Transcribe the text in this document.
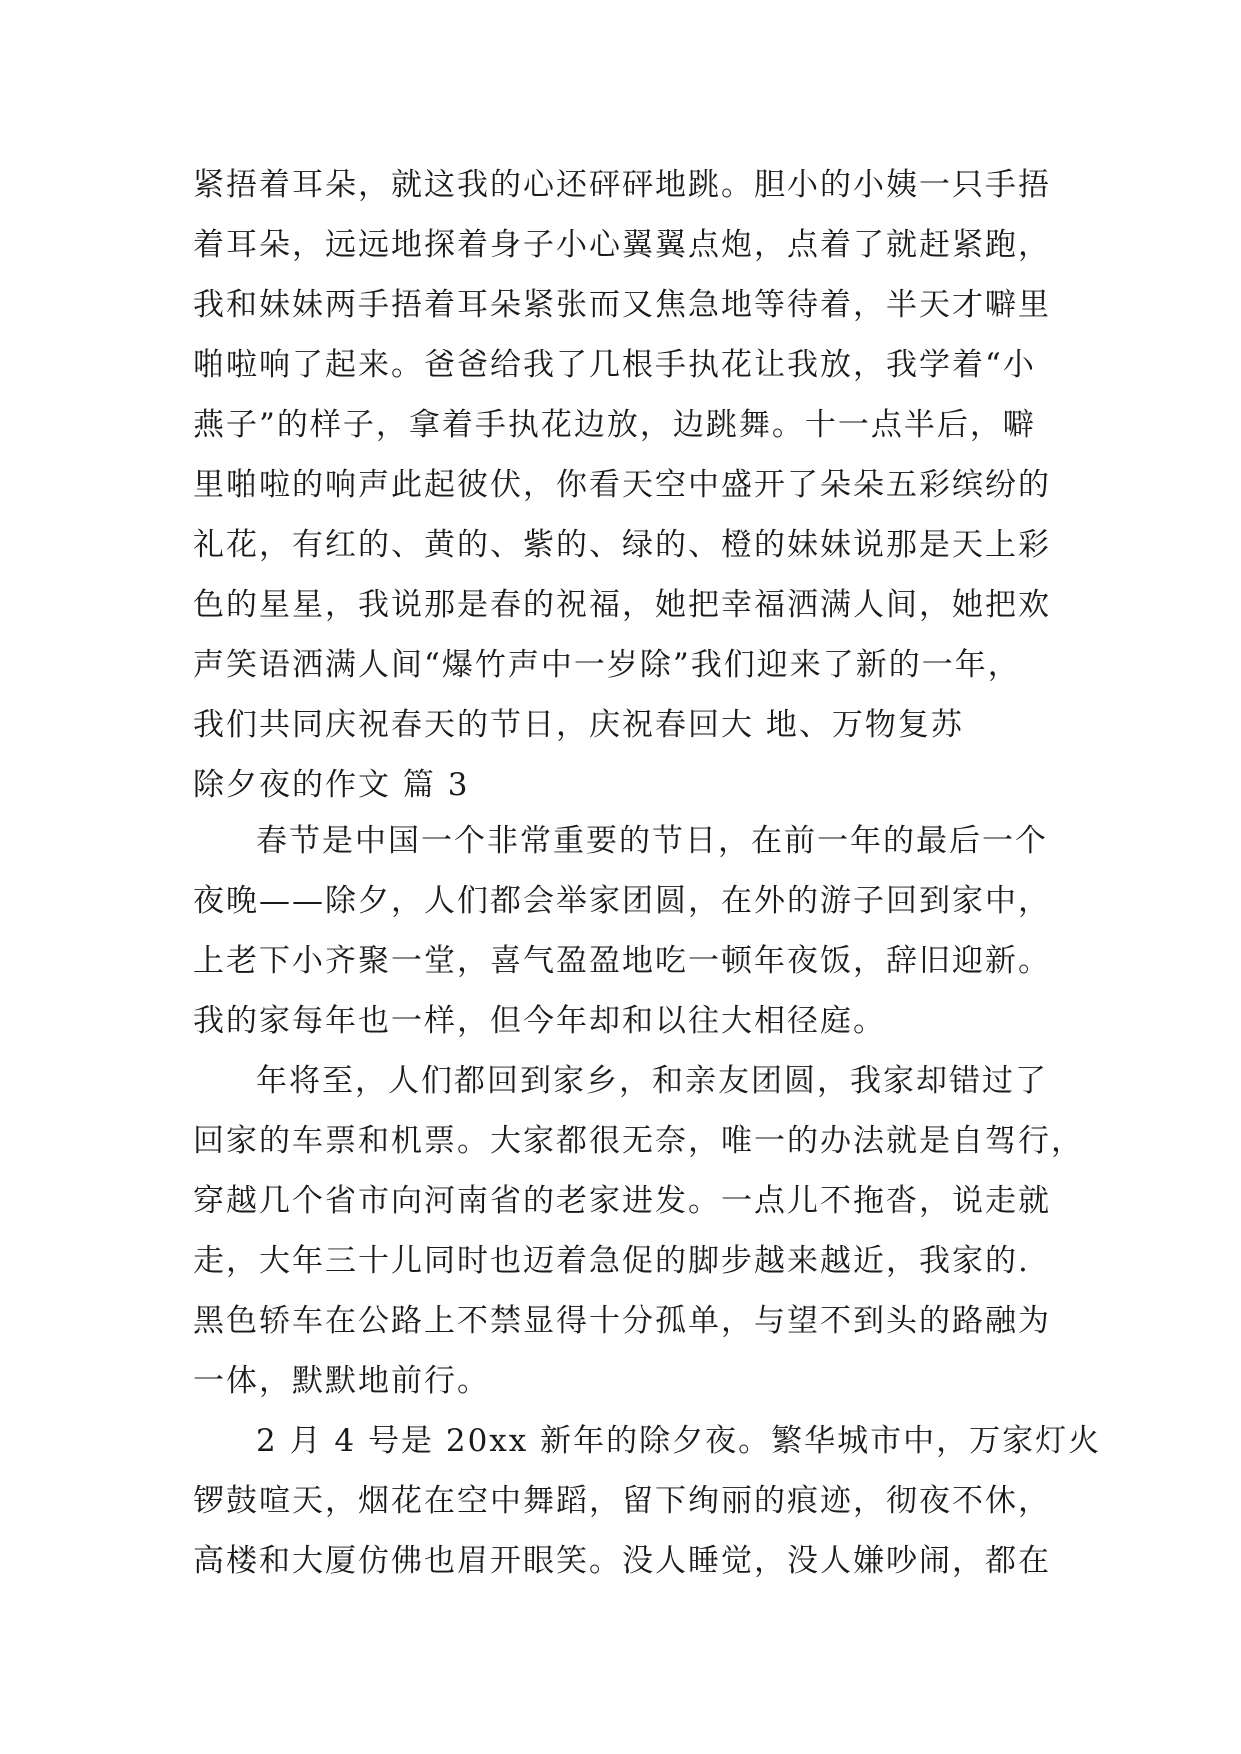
紧捂着耳朵，就这我的心还砰砰地跳。胆小的小姨一只手捂
着耳朵，远远地探着身子小心翼翼点炮，点着了就赶紧跑，
我和妹妹两手捂着耳朵紧张而又焦急地等待着，半天才噼里
啪啦响了起来。爸爸给我了几根手执花让我放，我学着“小
燕子”的样子，拿着手执花边放，边跳舞。十一点半后，噼
里啪啦的响声此起彼伏，你看天空中盛开了朵朵五彩缤纷的
礼花，有红的、黄的、紫的、绿的、橙的妹妹说那是天上彩
色的星星，我说那是春的祝福，她把幸福洒满人间，她把欢
声笑语洒满人间“爆竹声中一岁除”我们迎来了新的一年，
我们共同庆祝春天的节日，庆祝春回大 地、万物复苏
除夕夜的作文 篇 3
春节是中国一个非常重要的节日，在前一年的最后一个
夜晚——除夕，人们都会举家团圆，在外的游子回到家中，
上老下小齐聚一堂，喜气盈盈地吃一顿年夜饭，辞旧迎新。
我的家每年也一样，但今年却和以往大相径庭。
年将至，人们都回到家乡，和亲友团圆，我家却错过了
回家的车票和机票。大家都很无奈，唯一的办法就是自驾行，
穿越几个省市向河南省的老家进发。一点儿不拖沓，说走就
走，大年三十儿同时也迈着急促的脚步越来越近，我家的.
黑色轿车在公路上不禁显得十分孤单，与望不到头的路融为
一体，默默地前行。
2 月 4 号是 20xx 新年的除夕夜。繁华城市中，万家灯火
锣鼓喧天，烟花在空中舞蹈，留下绚丽的痕迹，彻夜不休，
高楼和大厦仿佛也眉开眼笑。没人睡觉，没人嫌吵闹，都在
